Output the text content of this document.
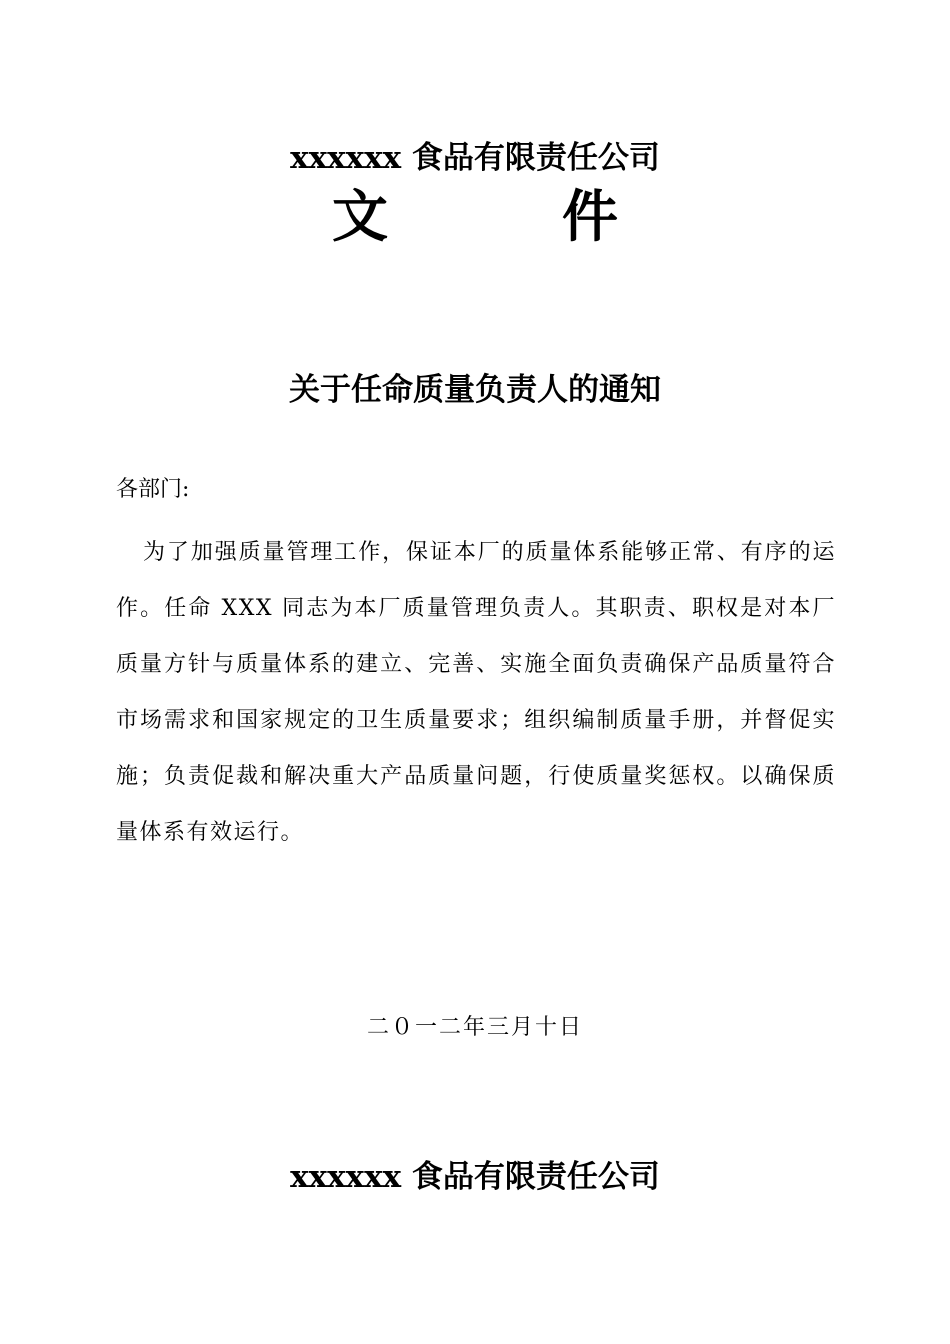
xxxxxx 食品有限责任公司
文	件
关于任命质量负责人的通知
各部门:
为了加强质量管理工作，保证本厂的质量体系能够正常、有序的运作。任命 XXX 同志为本厂质量管理负责人。其职责、职权是对本厂质量方针与质量体系的建立、完善、实施全面负责确保产品质量符合市场需求和国家规定的卫生质量要求；组织编制质量手册，并督促实施；负责促裁和解决重大产品质量问题，行使质量奖惩权。以确保质量体系有效运行。
二０一二年三月十日
xxxxxx 食品有限责任公司
